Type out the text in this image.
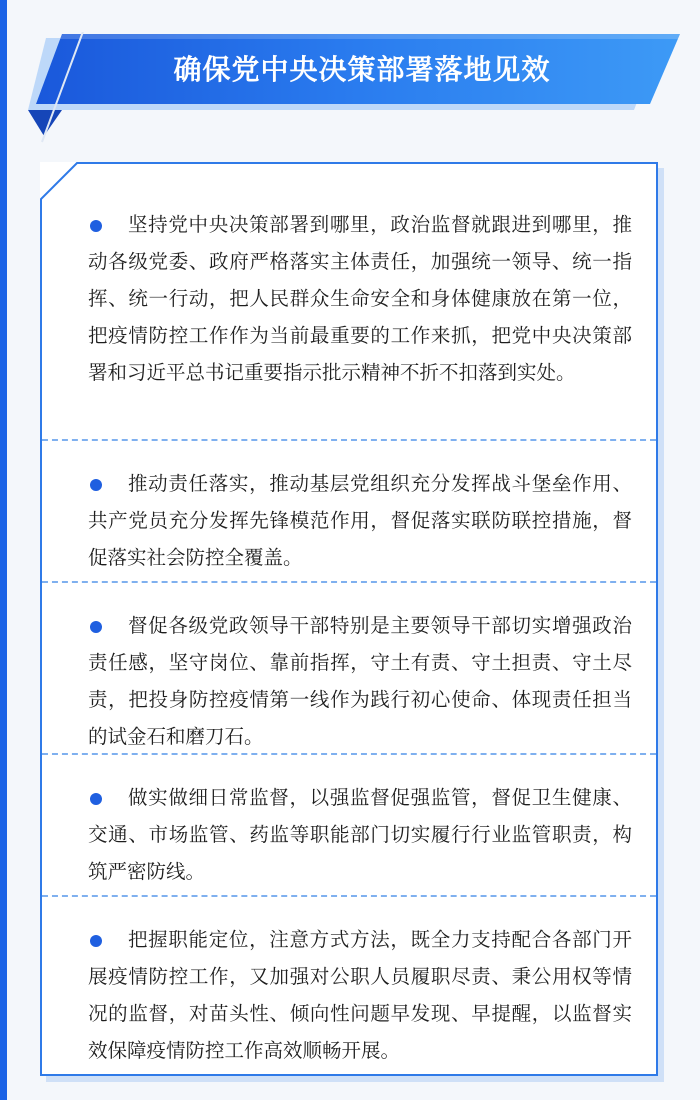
确保党中央决策部署落地见效
坚持党中央决策部署到哪里，政治监督就跟进到哪里，推动各级党委、政府严格落实主体责任，加强统一领导、统一指挥、统一行动，把人民群众生命安全和身体健康放在第一位，把疫情防控工作作为当前最重要的工作来抓，把党中央决策部署和习近平总书记重要指示批示精神不折不扣落到实处。
推动责任落实，推动基层党组织充分发挥战斗堡垒作用、共产党员充分发挥先锋模范作用，督促落实联防联控措施，督促落实社会防控全覆盖。
督促各级党政领导干部特别是主要领导干部切实增强政治责任感，坚守岗位、靠前指挥，守土有责、守土担责、守土尽责，把投身防控疫情第一线作为践行初心使命、体现责任担当的试金石和磨刀石。
做实做细日常监督，以强监督促强监管，督促卫生健康、交通、市场监管、药监等职能部门切实履行行业监管职责，构筑严密防线。
把握职能定位，注意方式方法，既全力支持配合各部门开展疫情防控工作，又加强对公职人员履职尽责、秉公用权等情况的监督，对苗头性、倾向性问题早发现、早提醒，以监督实效保障疫情防控工作高效顺畅开展。
